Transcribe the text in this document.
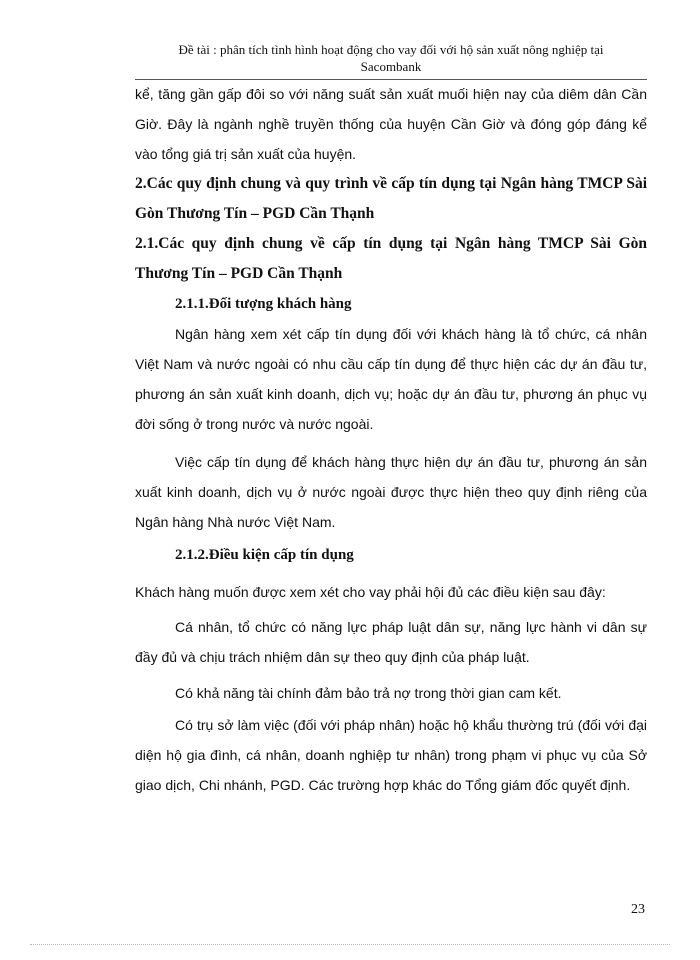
Đề tài : phân tích tình hình hoạt động cho vay đối với hộ sản xuất nông nghiệp tại
Sacombank

kể, tăng gần gấp đôi so với năng suất sản xuất muối hiện nay của diêm dân Cần Giờ. Đây là ngành nghề truyền thống của huyện Cần Giờ và đóng góp đáng kể vào tổng giá trị sản xuất của huyện.

2.Các quy định chung và quy trình về cấp tín dụng tại Ngân hàng TMCP Sài Gòn Thương Tín – PGD Cần Thạnh

2.1.Các quy định chung về cấp tín dụng tại Ngân hàng TMCP Sài Gòn Thương Tín – PGD Cần Thạnh

2.1.1.Đối tượng khách hàng

Ngân hàng xem xét cấp tín dụng đối với khách hàng là tổ chức, cá nhân Việt Nam và nước ngoài có nhu cầu cấp tín dụng để thực hiện các dự án đầu tư, phương án sản xuất kinh doanh, dịch vụ; hoặc dự án đầu tư, phương án phục vụ đời sống ở trong nước và nước ngoài.

Việc cấp tín dụng để khách hàng thực hiện dự án đầu tư, phương án sản xuất kinh doanh, dịch vụ ở nước ngoài được thực hiện theo quy định riêng của Ngân hàng Nhà nước Việt Nam.

2.1.2.Điều kiện cấp tín dụng

Khách hàng muốn được xem xét cho vay phải hội đủ các điều kiện sau đây:

Cá nhân, tổ chức có năng lực pháp luật dân sự, năng lực hành vi dân sự đầy đủ và chịu trách nhiệm dân sự theo quy định của pháp luật.

Có khả năng tài chính đảm bảo trả nợ trong thời gian cam kết.

Có trụ sở làm việc (đối với pháp nhân) hoặc hộ khẩu thường trú (đối với đại diện hộ gia đình, cá nhân, doanh nghiệp tư nhân) trong phạm vi phục vụ của Sở giao dịch, Chi nhánh, PGD. Các trường hợp khác do Tổng giám đốc quyết định.

23
